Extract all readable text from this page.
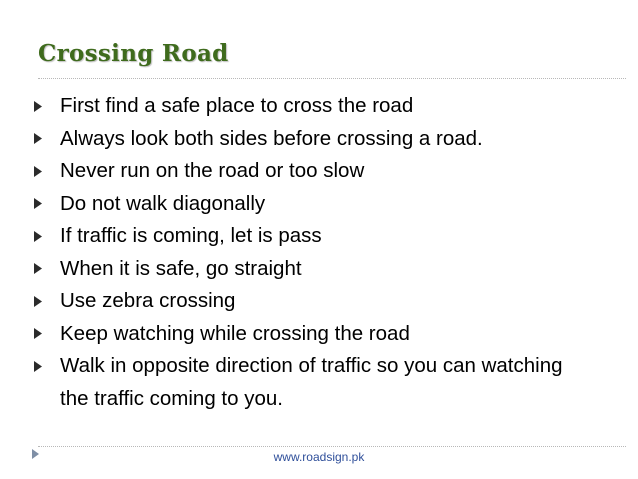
Crossing Road
First find a safe place to cross the road
Always look both sides before crossing a road.
Never run on the road or too slow
Do not walk diagonally
If traffic is coming, let is pass
When it is safe, go straight
Use zebra crossing
Keep watching while crossing the road
Walk in opposite direction of traffic so you can watching the traffic coming to you.
www.roadsign.pk
